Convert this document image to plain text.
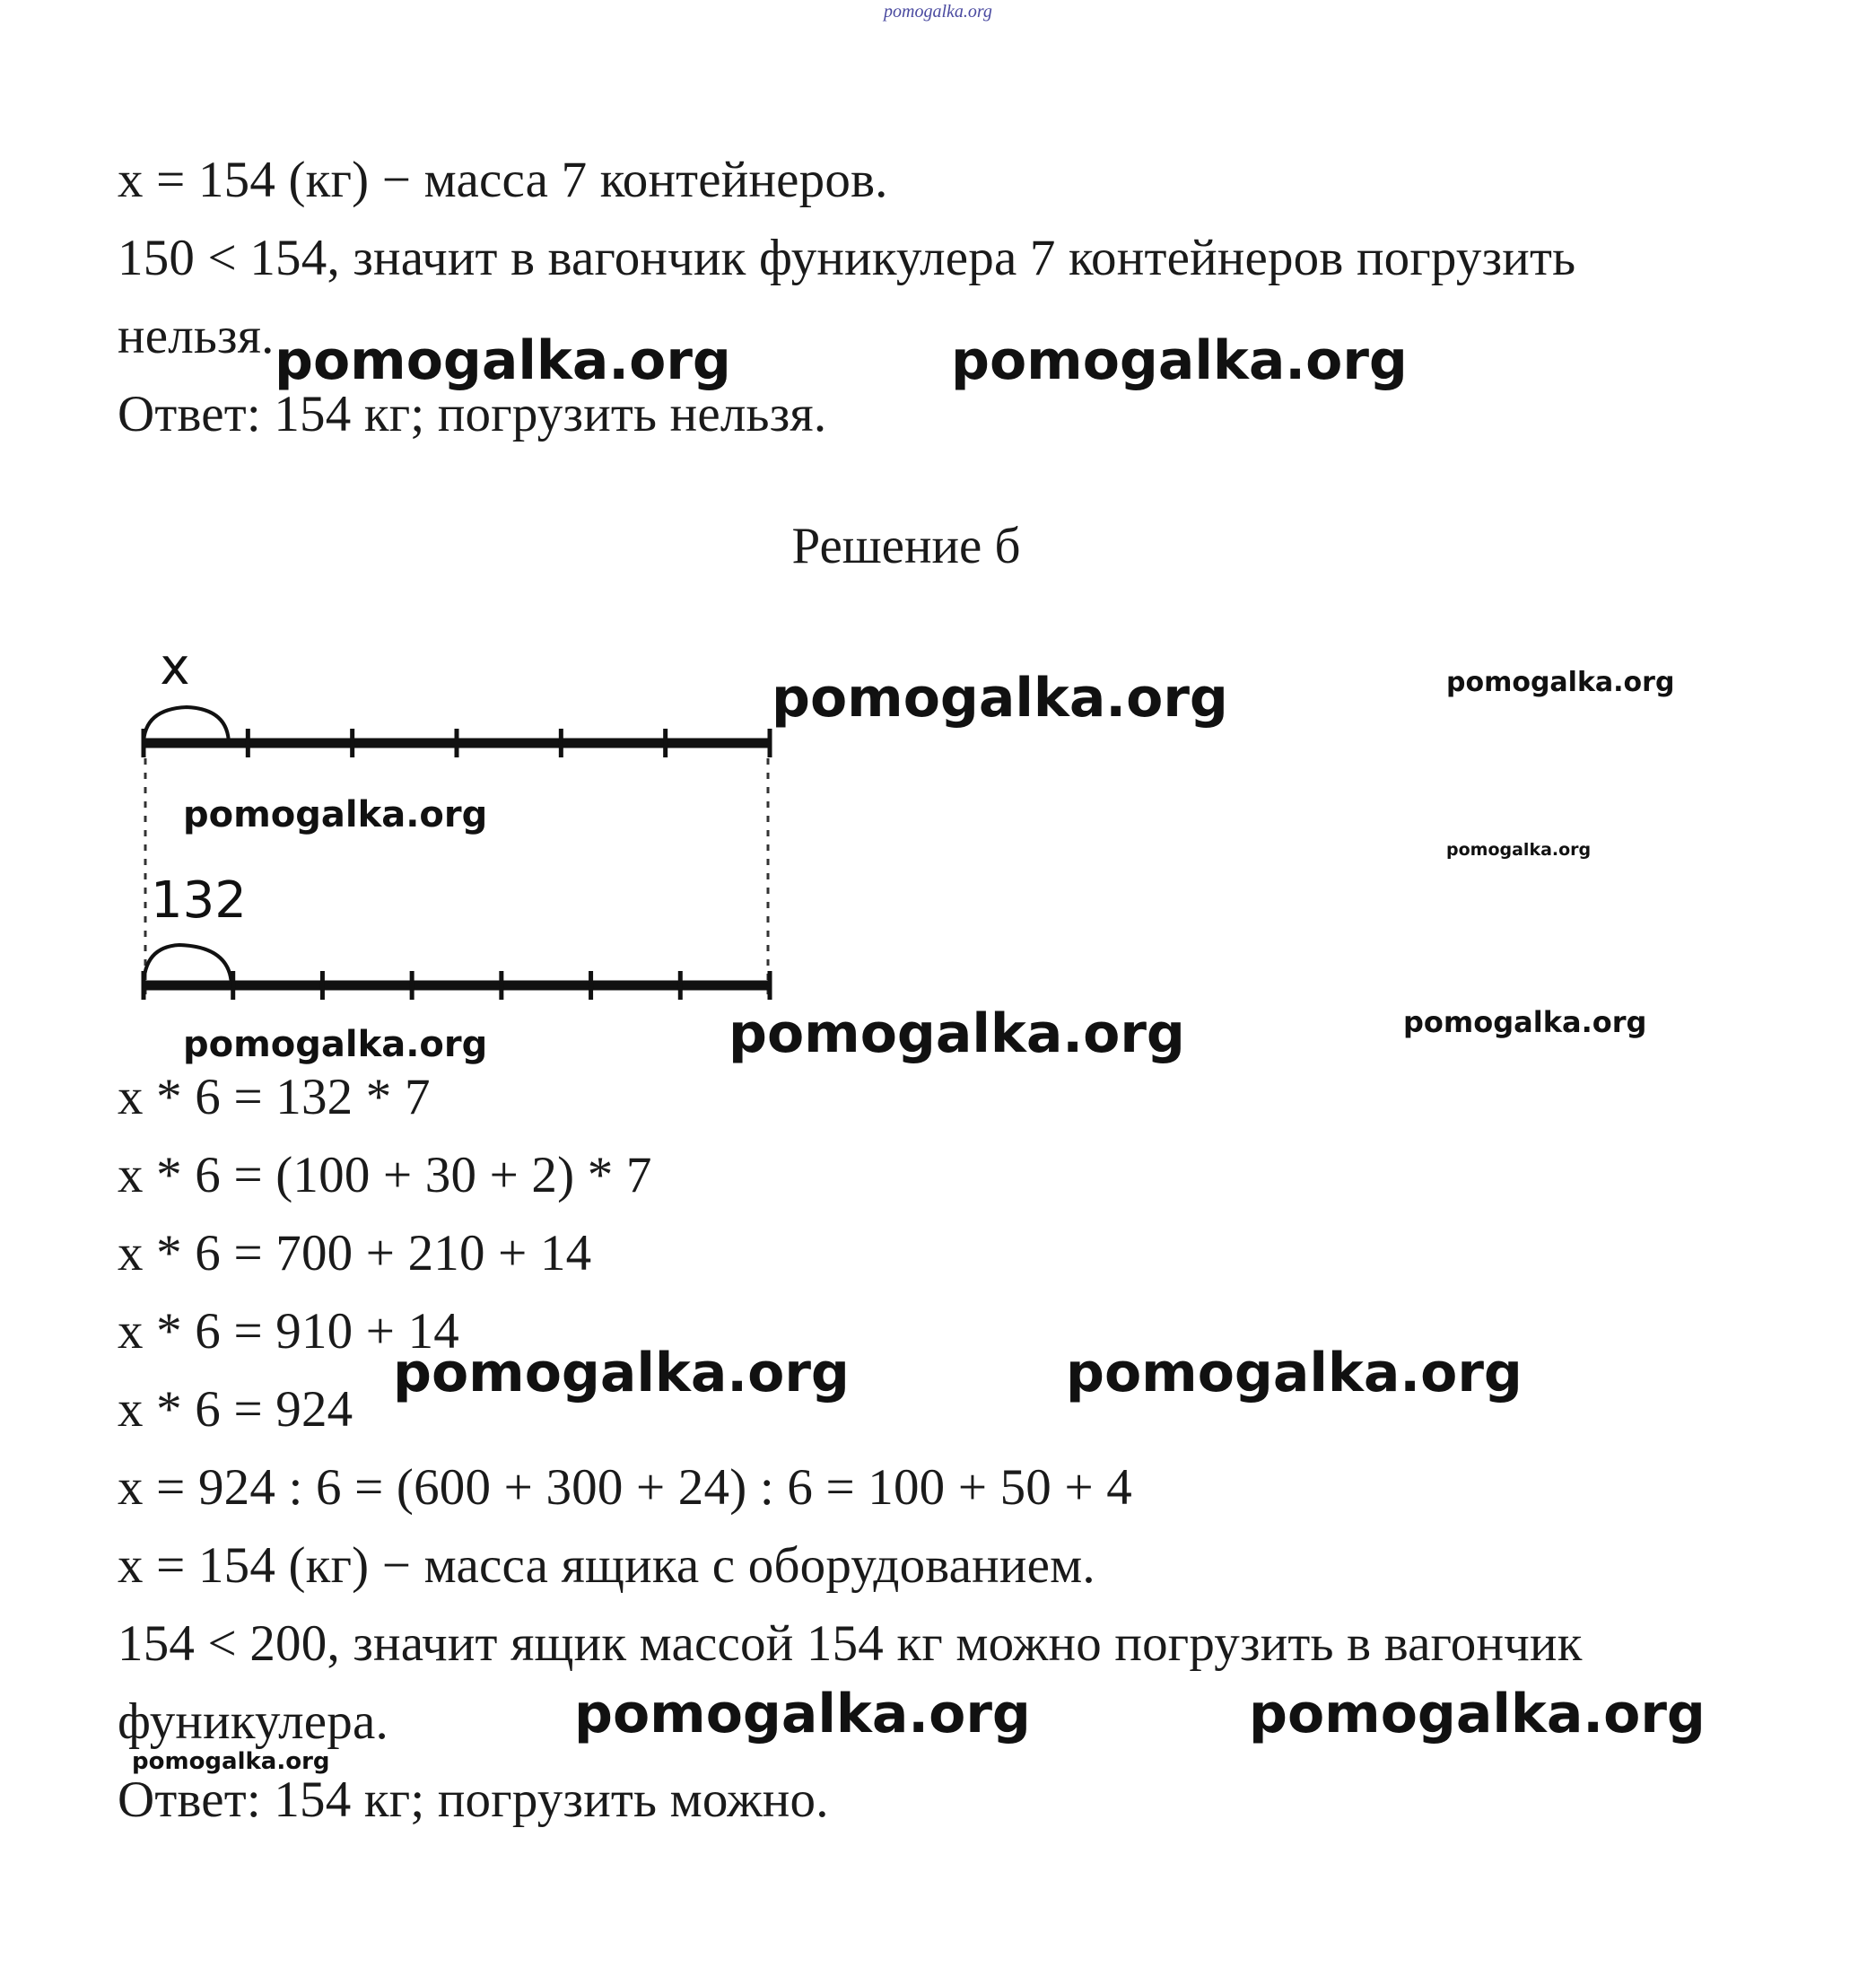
pomogalka.org
x = 154 (кг) − масса 7 контейнеров.
150 < 154, значит в вагончик фуникулера 7 контейнеров погрузить
нельзя.
Ответ: 154 кг; погрузить нельзя.
Решение б
x
132
x * 6 = 132 * 7
x * 6 = (100 + 30 + 2) * 7
x * 6 = 700 + 210 + 14
x * 6 = 910 + 14
x * 6 = 924
x = 924 : 6 = (600 + 300 + 24) : 6 = 100 + 50 + 4
x = 154 (кг) − масса ящика с оборудованием.
154 < 200, значит ящик массой 154 кг можно погрузить в вагончик
фуникулера.
Ответ: 154 кг; погрузить можно.
pomogalka.org	pomogalka.org
pomogalka.org	pomogalka.org
pomogalka.org
pomogalka.org
pomogalka.org	pomogalka.org
pomogalka.org
pomogalka.org	pomogalka.org
pomogalka.org	pomogalka.org
pomogalka.org
